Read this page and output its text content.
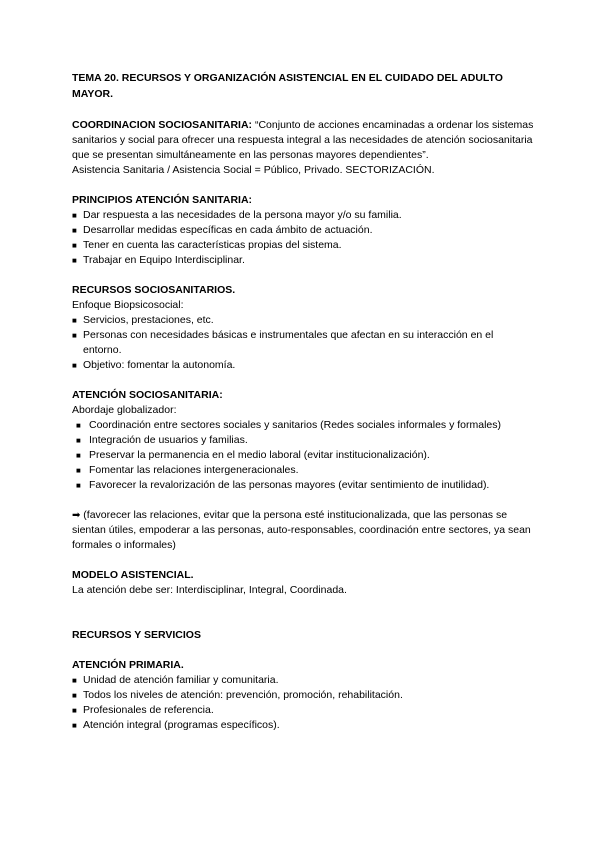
TEMA 20. RECURSOS Y ORGANIZACIÓN ASISTENCIAL EN EL CUIDADO DEL ADULTO MAYOR.

COORDINACION SOCIOSANITARIA: “Conjunto de acciones encaminadas a ordenar los sistemas sanitarios y social para ofrecer una respuesta integral a las necesidades de atención sociosanitaria que se presentan simultáneamente en las personas mayores dependientes”.

Asistencia Sanitaria / Asistencia Social = Público, Privado. SECTORIZACIÓN.

PRINCIPIOS ATENCIÓN SANITARIA:

■ Dar respuesta a las necesidades de la persona mayor y/o su familia.
■ Desarrollar medidas específicas en cada ámbito de actuación.
■ Tener en cuenta las características propias del sistema.
■ Trabajar en Equipo Interdisciplinar.

RECURSOS SOCIOSANITARIOS.

Enfoque Biopsicosocial:

■ Servicios, prestaciones, etc.
■ Personas con necesidades básicas e instrumentales que afectan en su interacción en el entorno.
■ Objetivo: fomentar la autonomía.

ATENCIÓN SOCIOSANITARIA:

Abordaje globalizador:

■ Coordinación entre sectores sociales y sanitarios (Redes sociales informales y formales)
■ Integración de usuarios y familias.
■ Preservar la permanencia en el medio laboral (evitar institucionalización).
■ Fomentar las relaciones intergeneracionales.
■ Favorecer la revalorización de las personas mayores (evitar sentimiento de inutilidad).

➡ (favorecer las relaciones, evitar que la persona esté institucionalizada, que las personas se sientan útiles, empoderar a las personas, auto-responsables, coordinación entre sectores, ya sean formales o informales)

MODELO ASISTENCIAL.

La atención debe ser: Interdisciplinar, Integral, Coordinada.

RECURSOS Y SERVICIOS

ATENCIÓN PRIMARIA.

■ Unidad de atención familiar y comunitaria.
■ Todos los niveles de atención: prevención, promoción, rehabilitación.
■ Profesionales de referencia.
■ Atención integral (programas específicos).
